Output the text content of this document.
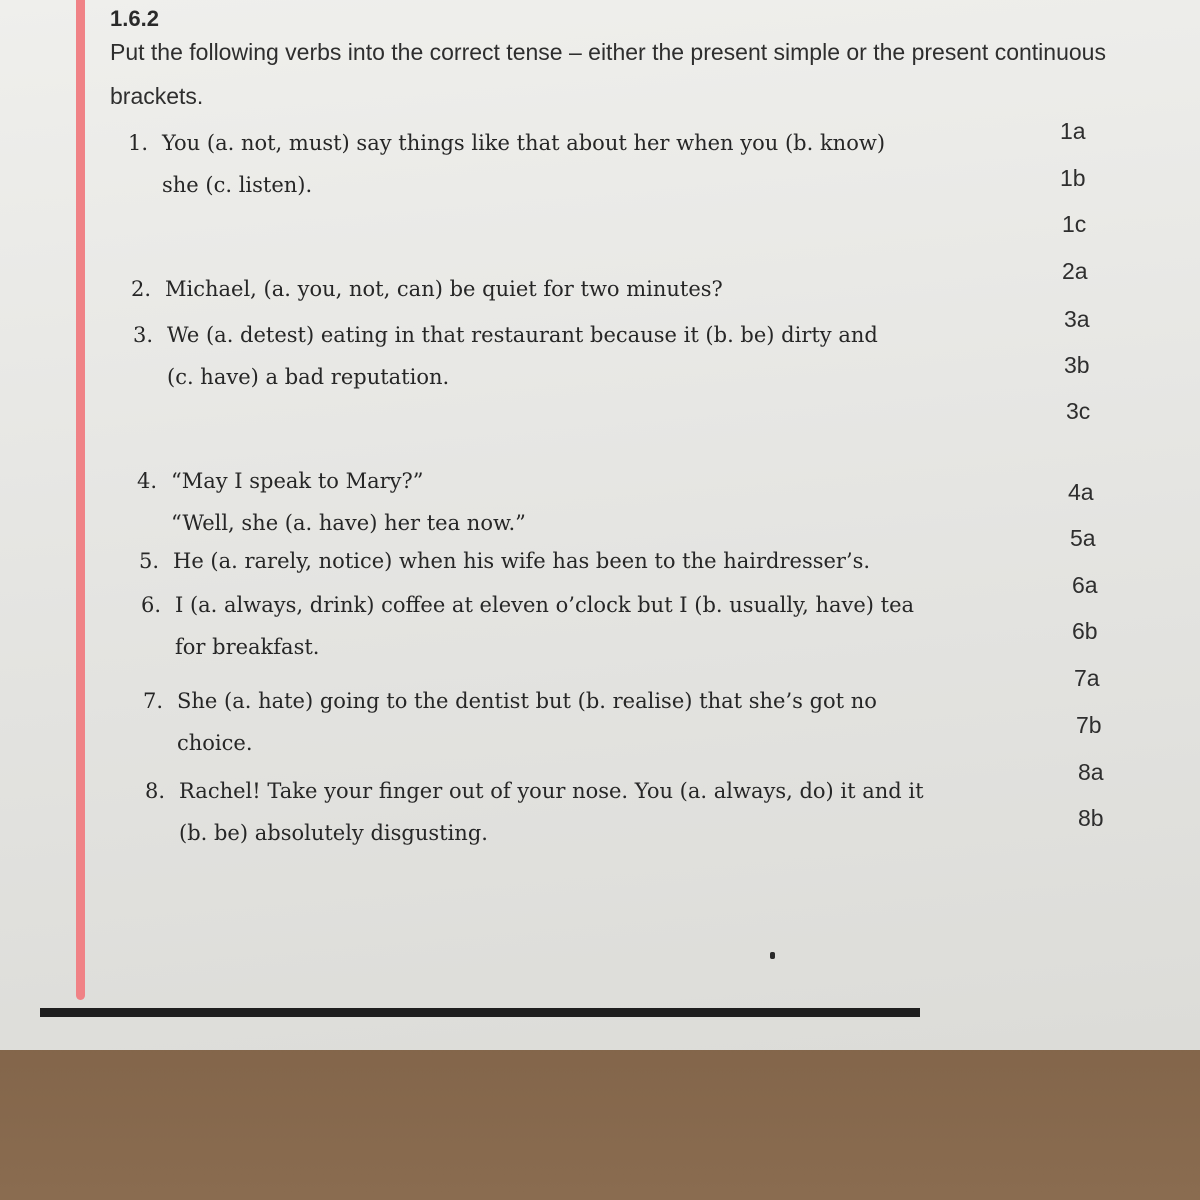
1.6.2
Put the following verbs into the correct tense – either the present simple or the present continuous
brackets.
1. You (a. not, must) say things like that about her when you (b. know)
she (c. listen).
2. Michael, (a. you, not, can) be quiet for two minutes?
3. We (a. detest) eating in that restaurant because it (b. be) dirty and
(c. have) a bad reputation.
4. “May I speak to Mary?”
“Well, she (a. have) her tea now.”
5. He (a. rarely, notice) when his wife has been to the hairdresser’s.
6. I (a. always, drink) coffee at eleven o’clock but I (b. usually, have) tea
for breakfast.
7. She (a. hate) going to the dentist but (b. realise) that she’s got no
choice.
8. Rachel! Take your finger out of your nose. You (a. always, do) it and it
(b. be) absolutely disgusting.
1a
1b
1c
2a
3a
3b
3c
4a
5a
6a
6b
7a
7b
8a
8b
